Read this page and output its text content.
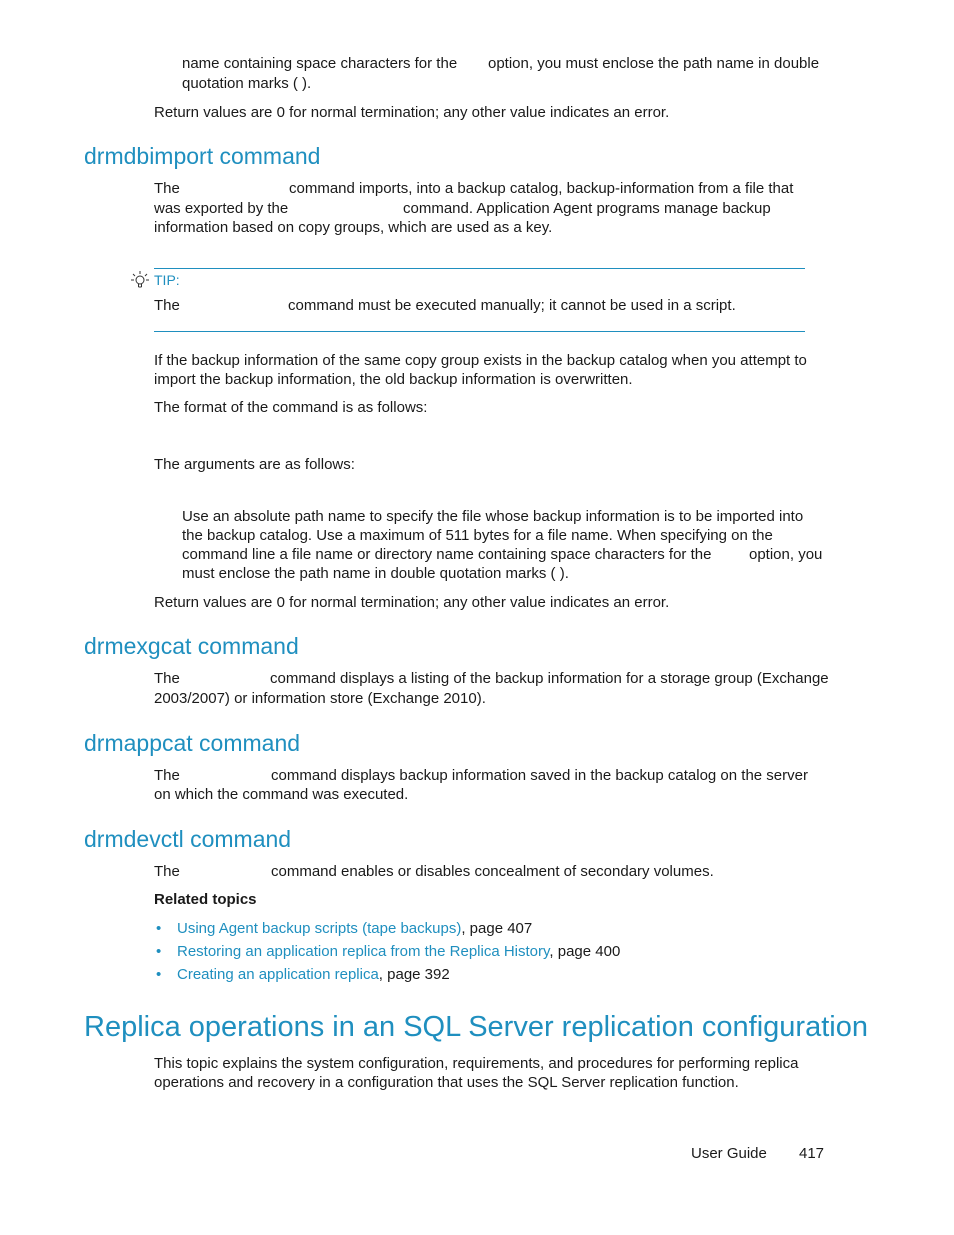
name containing space characters for the option, you must enclose the path name in double
quotation marks ( ).
Return values are 0 for normal termination; any other value indicates an error.
drmdbimport command
The	command imports, into a backup catalog, backup-information from a file that
was exported by the	command. Application Agent programs manage backup
information based on copy groups, which are used as a key.
TIP:
The	command must be executed manually; it cannot be used in a script.
If the backup information of the same copy group exists in the backup catalog when you attempt to
import the backup information, the old backup information is overwritten.
The format of the command is as follows:
The arguments are as follows:
Use an absolute path name to specify the file whose backup information is to be imported into
the backup catalog. Use a maximum of 511 bytes for a file name. When specifying on the
command line a file name or directory name containing space characters for the	option, you
must enclose the path name in double quotation marks ( ).
Return values are 0 for normal termination; any other value indicates an error.
drmexgcat command
The	command displays a listing of the backup information for a storage group (Exchange
2003/2007) or information store (Exchange 2010).
drmappcat command
The	command displays backup information saved in the backup catalog on the server
on which the command was executed.
drmdevctl command
The	command enables or disables concealment of secondary volumes.
Related topics
• Using Agent backup scripts (tape backups), page 407
• Restoring an application replica from the Replica History, page 400
• Creating an application replica, page 392
Replica operations in an SQL Server replication configuration
This topic explains the system configuration, requirements, and procedures for performing replica
operations and recovery in a configuration that uses the SQL Server replication function.
User Guide 417
